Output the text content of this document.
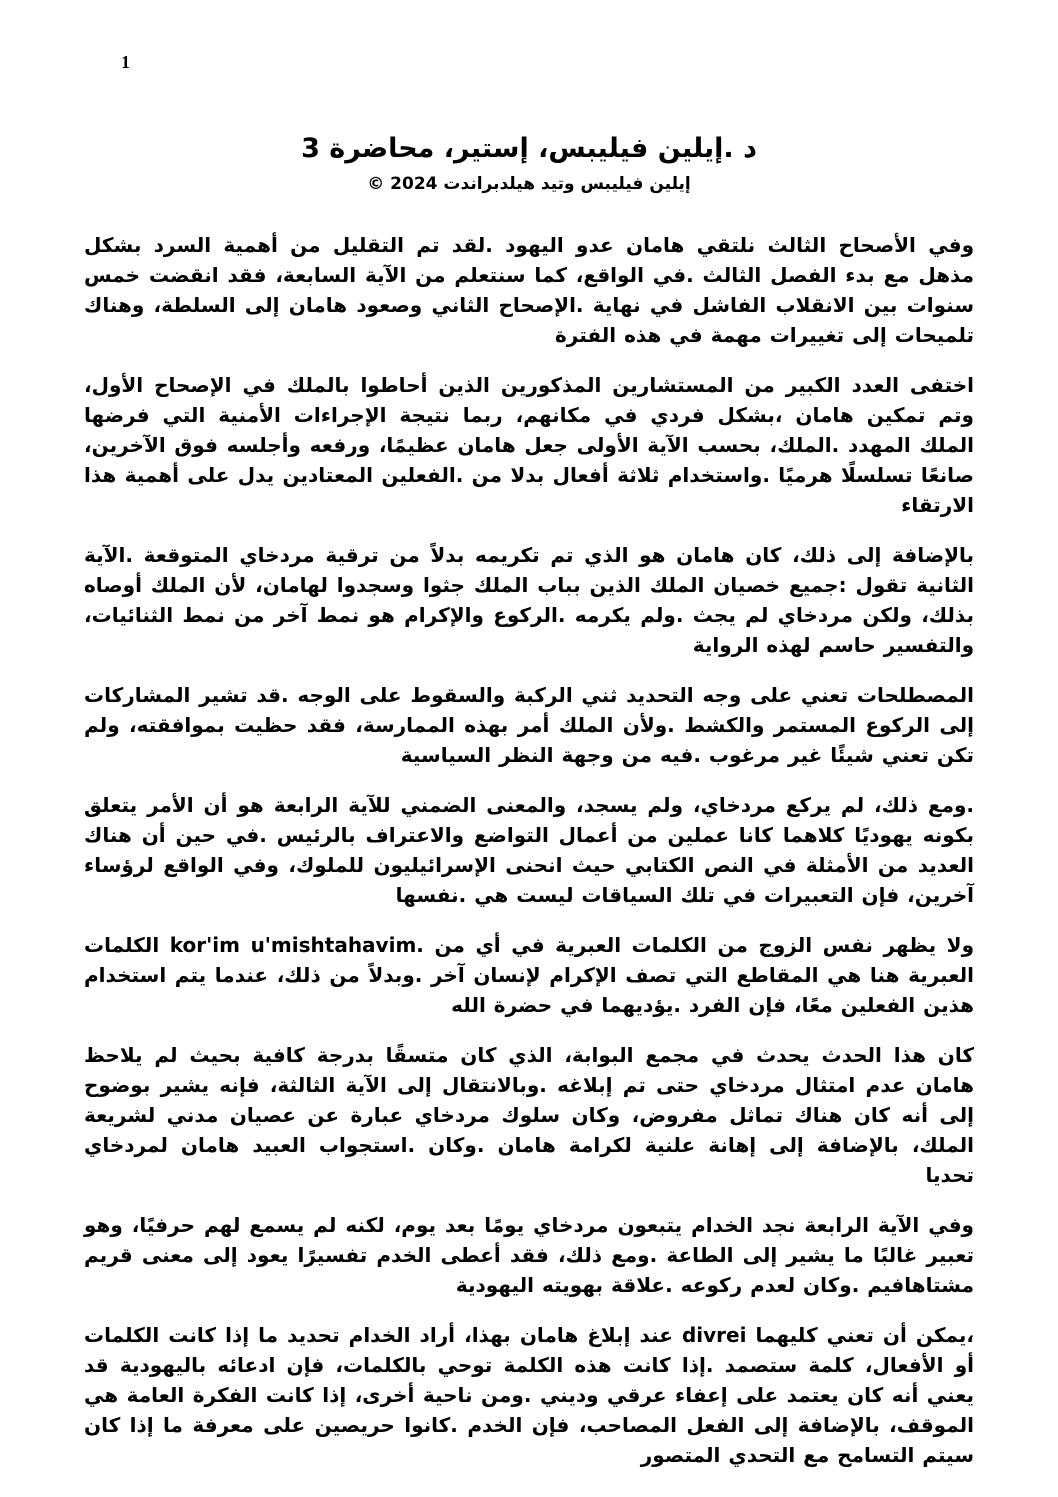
1
د .إيلين فيليبس، إستير، محاضرة 3
إيلين فيليبس وتيد هيلدبراندت 2024 ©

وفي الأصحاح الثالث نلتقي هامان عدو اليهود .لقد تم التقليل من أهمية السرد بشكل مذهل مع بدء الفصل الثالث .في الواقع، كما سنتعلم من الآية السابعة، فقد انقضت خمس سنوات بين الانقلاب الفاشل في نهاية .الإصحاح الثاني وصعود هامان إلى السلطة، وهناك تلميحات إلى تغييرات مهمة في هذه الفترة

اختفى العدد الكبير من المستشارين المذكورين الذين أحاطوا بالملك في الإصحاح الأول، وتم تمكين هامان ،بشكل فردي في مكانهم، ربما نتيجة الإجراءات الأمنية التي فرضها الملك المهدد .الملك، بحسب الآية الأولى جعل هامان عظيمًا، ورفعه وأجلسه فوق الآخرين، صانعًا تسلسلًا هرميًا .واستخدام ثلاثة أفعال بدلا من .الفعلين المعتادين يدل على أهمية هذا الارتقاء

بالإضافة إلى ذلك، كان هامان هو الذي تم تكريمه بدلاً من ترقية مردخاي المتوقعة .الآية الثانية تقول :جميع خصيان الملك الذين بباب الملك جثوا وسجدوا لهامان، لأن الملك أوصاه بذلك، ولكن مردخاي لم يجث .ولم يكرمه .الركوع والإكرام هو نمط آخر من نمط الثنائيات، والتفسير حاسم لهذه الرواية

المصطلحات تعني على وجه التحديد ثني الركبة والسقوط على الوجه .قد تشير المشاركات إلى الركوع المستمر والكشط .ولأن الملك أمر بهذه الممارسة، فقد حظيت بموافقته، ولم تكن تعني شيئًا غير مرغوب .فيه من وجهة النظر السياسية

.ومع ذلك، لم يركع مردخاي، ولم يسجد، والمعنى الضمني للآية الرابعة هو أن الأمر يتعلق بكونه يهوديًا كلاهما كانا عملين من أعمال التواضع والاعتراف بالرئيس .في حين أن هناك العديد من الأمثلة في النص الكتابي حيث انحنى الإسرائيليون للملوك، وفي الواقع لرؤساء آخرين، فإن التعبيرات في تلك السياقات ليست هي .نفسها

ولا يظهر نفس الزوج من الكلمات العبرية في أي من .kor'im u'mishtahavim الكلمات العبرية هنا هي المقاطع التي تصف الإكرام لإنسان آخر .وبدلاً من ذلك، عندما يتم استخدام هذين الفعلين معًا، فإن الفرد .يؤديهما في حضرة الله

كان هذا الحدث يحدث في مجمع البوابة، الذي كان متسقًا بدرجة كافية بحيث لم يلاحظ هامان عدم امتثال مردخاي حتى تم إبلاغه .وبالانتقال إلى الآية الثالثة، فإنه يشير بوضوح إلى أنه كان هناك تماثل مفروض، وكان سلوك مردخاي عبارة عن عصيان مدني لشريعة الملك، بالإضافة إلى إهانة علنية لكرامة هامان .وكان .استجواب العبيد هامان لمردخاي تحديا

وفي الآية الرابعة نجد الخدام يتبعون مردخاي يومًا بعد يوم، لكنه لم يسمع لهم حرفيًا، وهو تعبير غالبًا ما يشير إلى الطاعة .ومع ذلك، فقد أعطى الخدم تفسيرًا يعود إلى معنى قريم مشتاهافيم .وكان لعدم ركوعه .علاقة بهويته اليهودية

،يمكن أن تعني كليهما divrei عند إبلاغ هامان بهذا، أراد الخدام تحديد ما إذا كانت الكلمات أو الأفعال، كلمة ستصمد .إذا كانت هذه الكلمة توحي بالكلمات، فإن ادعائه باليهودية قد يعني أنه كان يعتمد على إعفاء عرقي وديني .ومن ناحية أخرى، إذا كانت الفكرة العامة هي الموقف، بالإضافة إلى الفعل المصاحب، فإن الخدم .كانوا حريصين على معرفة ما إذا كان سيتم التسامح مع التحدي المتصور
